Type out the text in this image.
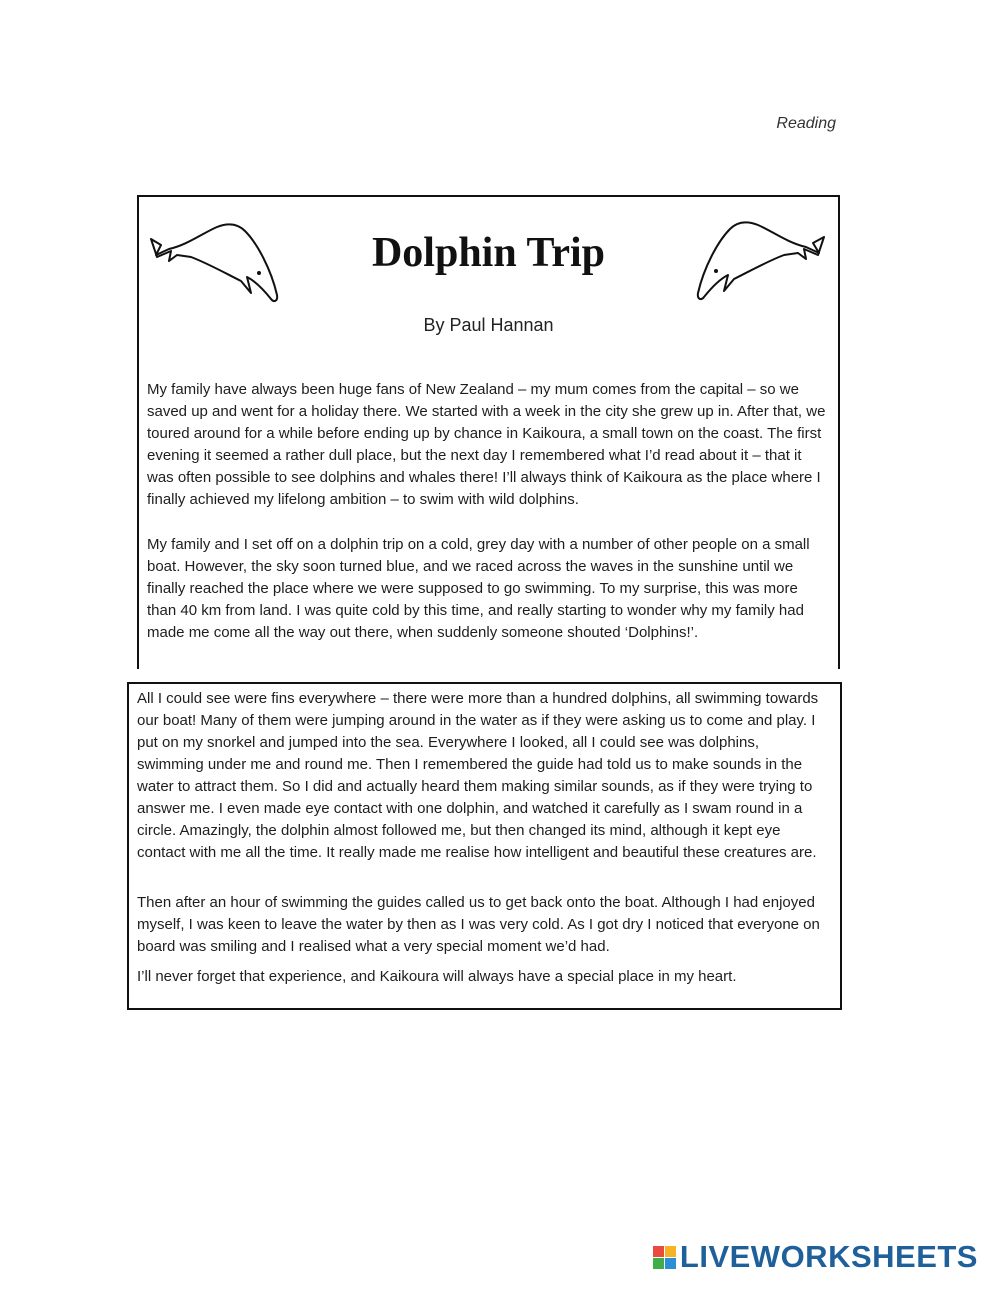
Reading
Dolphin Trip
By Paul Hannan

My family have always been huge fans of New Zealand – my mum comes from the capital – so we saved up and went for a holiday there. We started with a week in the city she grew up in. After that, we toured around for a while before ending up by chance in Kaikoura, a small town on the coast. The first evening it seemed a rather dull place, but the next day I remembered what I’d read about it – that it was often possible to see dolphins and whales there! I’ll always think of Kaikoura as the place where I finally achieved my lifelong ambition – to swim with wild dolphins.

My family and I set off on a dolphin trip on a cold, grey day with a number of other people on a small boat. However, the sky soon turned blue, and we raced across the waves in the sunshine until we finally reached the place where we were supposed to go swimming. To my surprise, this was more than 40 km from land. I was quite cold by this time, and really starting to wonder why my family had made me come all the way out there, when suddenly someone shouted ‘Dolphins!’.

All I could see were fins everywhere – there were more than a hundred dolphins, all swimming towards our boat! Many of them were jumping around in the water as if they were asking us to come and play. I put on my snorkel and jumped into the sea. Everywhere I looked, all I could see was dolphins, swimming under me and round me. Then I remembered the guide had told us to make sounds in the water to attract them. So I did and actually heard them making similar sounds, as if they were trying to answer me. I even made eye contact with one dolphin, and watched it carefully as I swam round in a circle. Amazingly, the dolphin almost followed me, but then changed its mind, although it kept eye contact with me all the time. It really made me realise how intelligent and beautiful these creatures are.

Then after an hour of swimming the guides called us to get back onto the boat. Although I had enjoyed myself, I was keen to leave the water by then as I was very cold. As I got dry I noticed that everyone on board was smiling and I realised what a very special moment we’d had.

I’ll never forget that experience, and Kaikoura will always have a special place in my heart.

LIVEWORKSHEETS
